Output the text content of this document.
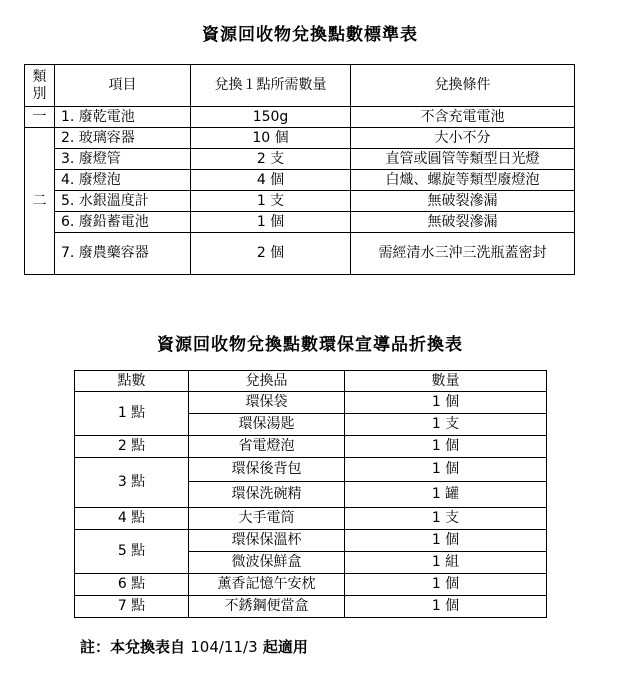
資源回收物兌換點數標準表
類別	項目	兌換１點所需數量	兌換條件
一	1. 廢乾電池	150g	不含充電電池
二	2. 玻璃容器	10 個	大小不分
	3. 廢燈管	2 支	直管或圓管等類型日光燈
	4. 廢燈泡	4 個	白熾、螺旋等類型廢燈泡
	5. 水銀溫度計	1 支	無破裂滲漏
	6. 廢鉛蓄電池	1 個	無破裂滲漏
	7. 廢農藥容器	2 個	需經清水三沖三洗瓶蓋密封
資源回收物兌換點數環保宣導品折換表
點數	兌換品	數量
1 點	環保袋	1 個
	環保湯匙	1 支
2 點	省電燈泡	1 個
3 點	環保後背包	1 個
	環保洗碗精	1 罐
4 點	大手電筒	1 支
5 點	環保保溫杯	1 個
	微波保鮮盒	1 組
6 點	薰香記憶午安枕	1 個
7 點	不銹鋼便當盒	1 個
註：本兌換表自 104/11/3 起適用
